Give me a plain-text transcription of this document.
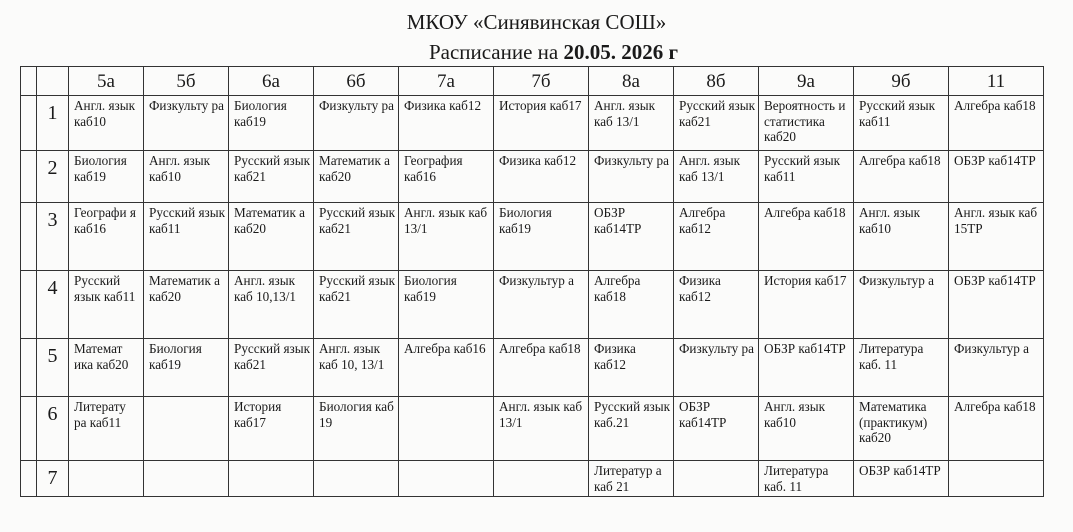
МКОУ «Синявинская СОШ»
Расписание на 20.05. 2026 г
		5а	5б	6а	6б	7а	7б	8а	8б	9а	9б	11
	1	Англ. язык каб10	Физкульту ра	Биология каб19	Физкульту ра	Физика каб12	История каб17	Англ. язык каб 13/1	Русский язык каб21	Вероятность и статистика каб20	Русский язык каб11	Алгебра каб18
	2	Биология каб19	Англ. язык каб10	Русский язык каб21	Математик а каб20	География каб16	Физика каб12	Физкульту ра	Англ. язык каб 13/1	Русский язык каб11	Алгебра каб18	ОБЗР каб14ТР
	3	Географи я каб16	Русский язык каб11	Математик а каб20	Русский язык каб21	Англ. язык каб 13/1	Биология каб19	ОБЗР каб14ТР	Алгебра каб12	Алгебра каб18	Англ. язык каб10	Англ. язык каб 15ТР
	4	Русский язык каб11	Математик а каб20	Англ. язык каб 10,13/1	Русский язык каб21	Биология каб19	Физкультур а	Алгебра каб18	Физика каб12	История каб17	Физкультур а	ОБЗР каб14ТР
	5	Математ ика каб20	Биология каб19	Русский язык каб21	Англ. язык каб 10, 13/1	Алгебра каб16	Алгебра каб18	Физика каб12	Физкульту ра	ОБЗР каб14ТР	Литература каб. 11	Физкультур а
	6	Литерату ра каб11		История каб17	Биология каб 19		Англ. язык каб 13/1	Русский язык каб.21	ОБЗР каб14ТР	Англ. язык каб10	Математика (практикум) каб20	Алгебра каб18
	7							Литератур а каб 21		Литература каб. 11	ОБЗР каб14ТР	
